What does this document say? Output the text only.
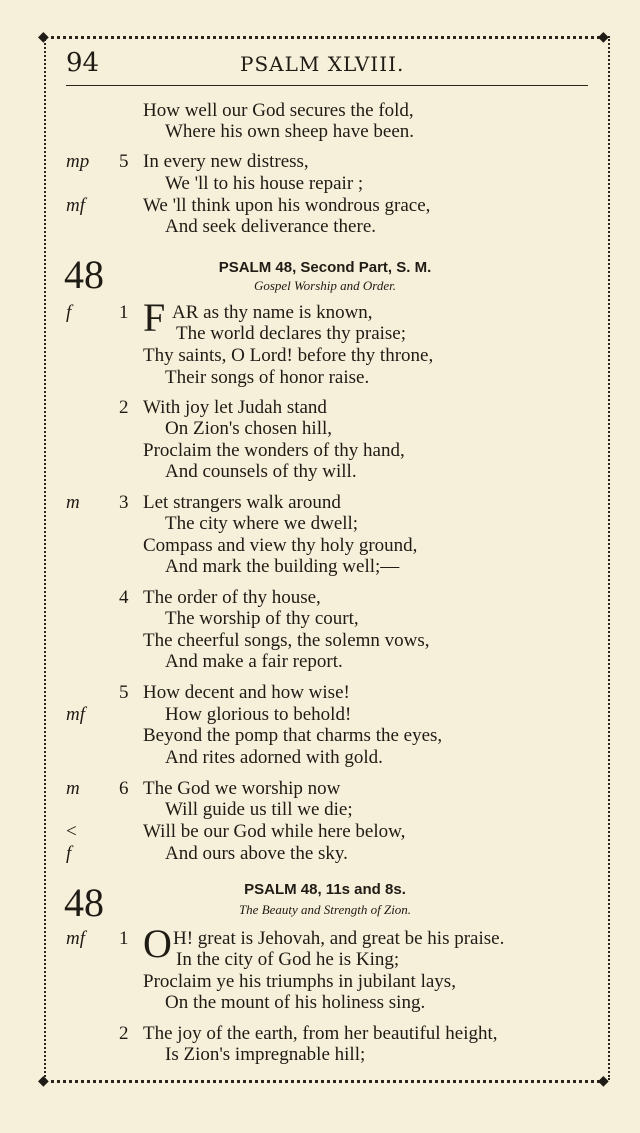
◆	◆
◆	◆
94	PSALM XLVIII.
How well our God secures the fold,
Where his own sheep have been.
mp 5 In every new distress,
We 'll to his house repair ;
mf	We 'll think upon his wondrous grace,
And seek deliverance there.
48	PSALM 48, Second Part, S. M.
Gospel Worship and Order.
f	1 F AR as thy name is known,
The world declares thy praise;
Thy saints, O Lord! before thy throne,
Their songs of honor raise.
2 With joy let Judah stand
On Zion's chosen hill,
Proclaim the wonders of thy hand,
And counsels of thy will.
m 3 Let strangers walk around
The city where we dwell;
Compass and view thy holy ground,
And mark the building well;—
4 The order of thy house,
The worship of thy court,
The cheerful songs, the solemn vows,
And make a fair report.
5 How decent and how wise!
mf	How glorious to behold!
Beyond the pomp that charms the eyes,
And rites adorned with gold.
m 6 The God we worship now
Will guide us till we die;
<	Will be our God while here below,
f	And ours above the sky.
48	PSALM 48, 11s and 8s.
The Beauty and Strength of Zion.
mf 1 O H! great is Jehovah, and great be his praise.
In the city of God he is King;
Proclaim ye his triumphs in jubilant lays,
On the mount of his holiness sing.
2 The joy of the earth, from her beautiful height,
Is Zion's impregnable hill;
